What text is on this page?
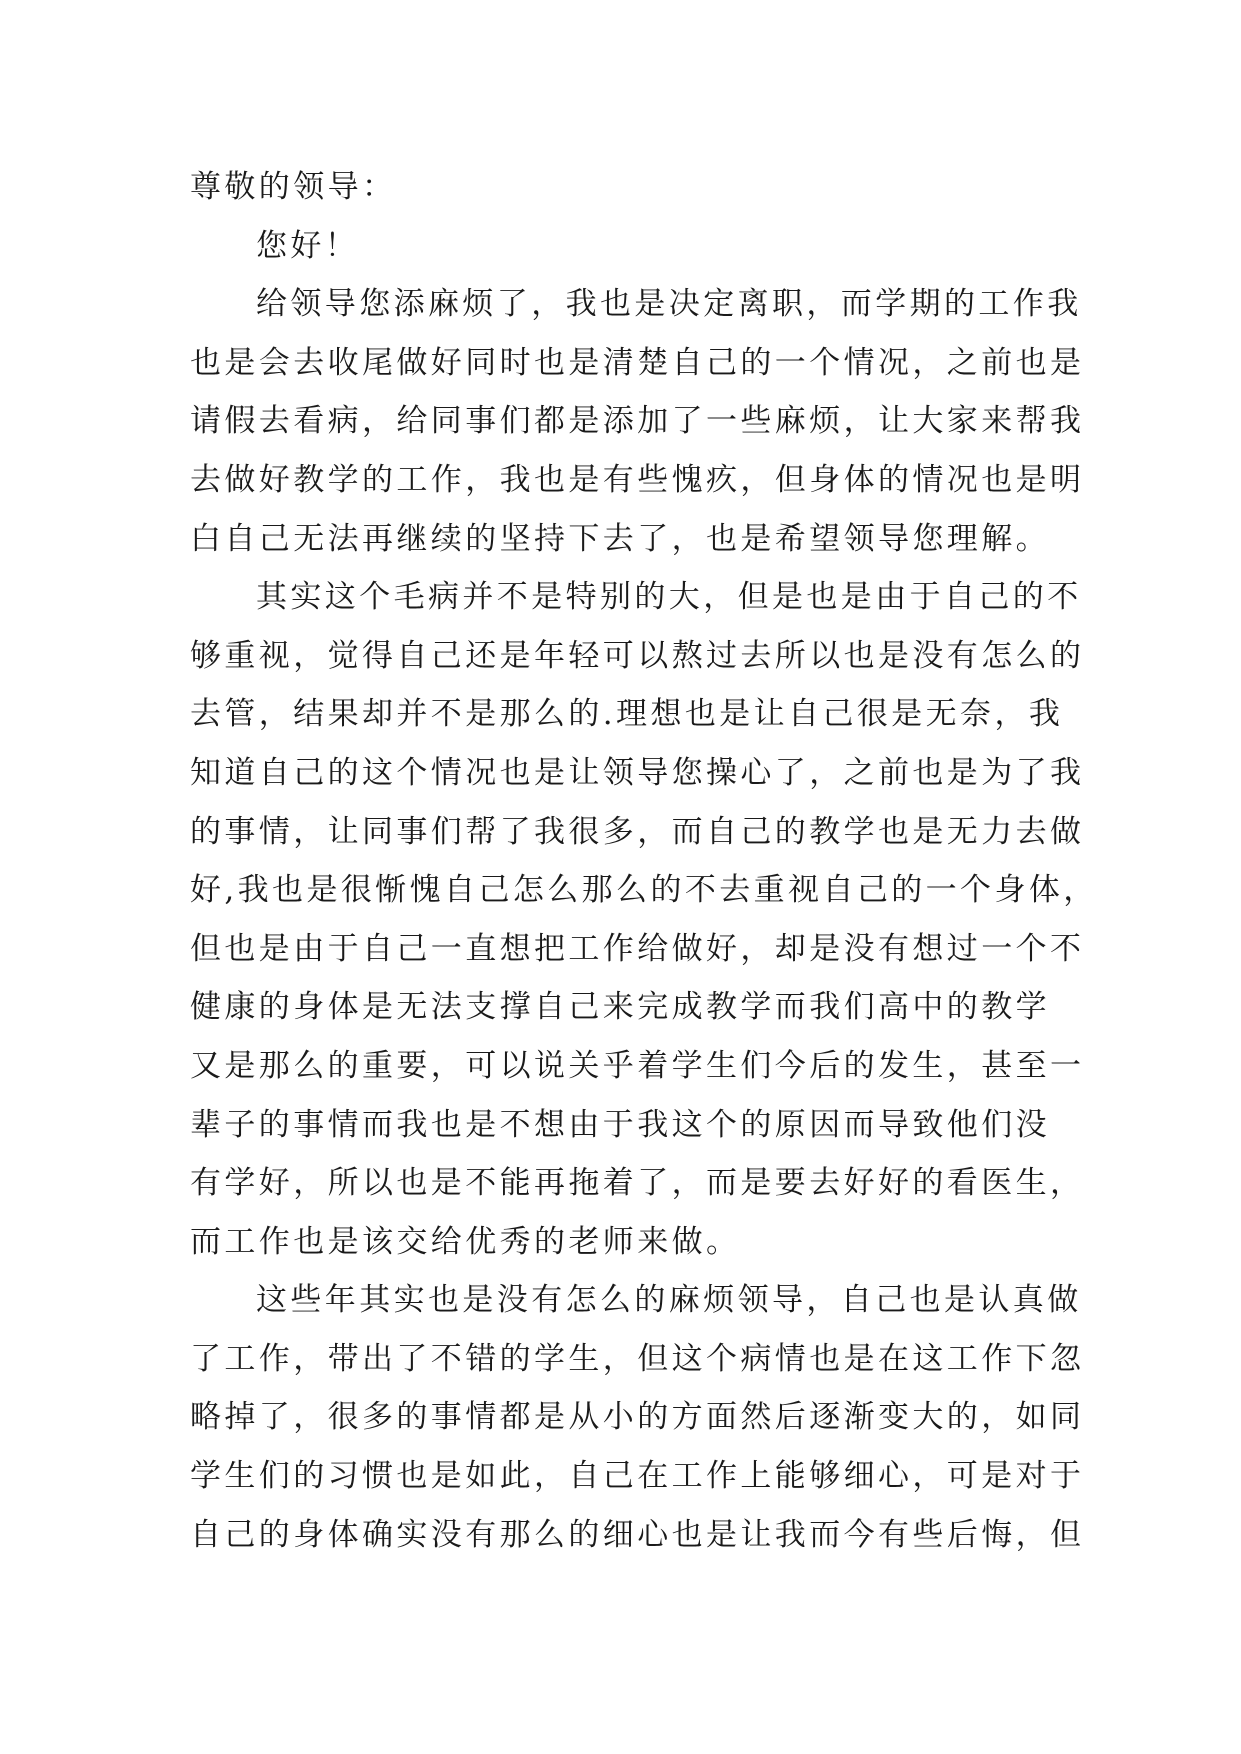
尊敬的领导：

您好！

给领导您添麻烦了，我也是决定离职，而学期的工作我

也是会去收尾做好同时也是清楚自己的一个情况，之前也是

请假去看病，给同事们都是添加了一些麻烦，让大家来帮我

去做好教学的工作，我也是有些愧疚，但身体的情况也是明

白自己无法再继续的坚持下去了，也是希望领导您理解。

其实这个毛病并不是特别的大，但是也是由于自己的不

够重视，觉得自己还是年轻可以熬过去所以也是没有怎么的

去管，结果却并不是那么的.理想也是让自己很是无奈，我

知道自己的这个情况也是让领导您操心了，之前也是为了我

的事情，让同事们帮了我很多，而自己的教学也是无力去做

好,我也是很惭愧自己怎么那么的不去重视自己的一个身体，

但也是由于自己一直想把工作给做好，却是没有想过一个不

健康的身体是无法支撑自己来完成教学而我们高中的教学

又是那么的重要，可以说关乎着学生们今后的发生，甚至一

辈子的事情而我也是不想由于我这个的原因而导致他们没

有学好，所以也是不能再拖着了，而是要去好好的看医生，

而工作也是该交给优秀的老师来做。

这些年其实也是没有怎么的麻烦领导，自己也是认真做

了工作，带出了不错的学生，但这个病情也是在这工作下忽

略掉了，很多的事情都是从小的方面然后逐渐变大的，如同

学生们的习惯也是如此，自己在工作上能够细心，可是对于

自己的身体确实没有那么的细心也是让我而今有些后悔，但
